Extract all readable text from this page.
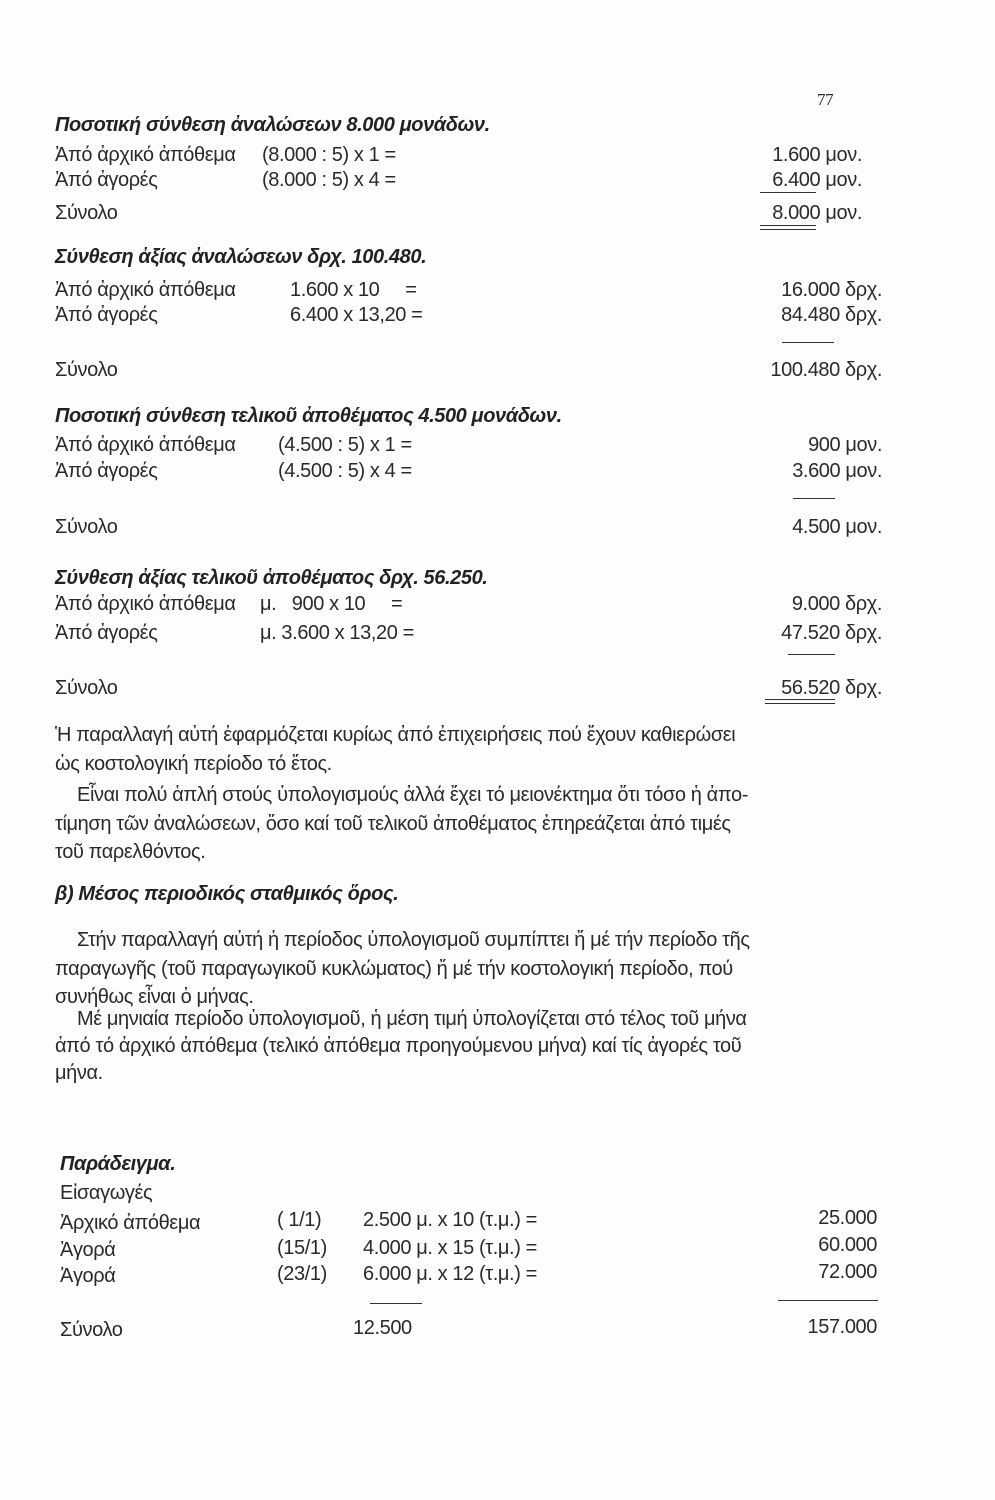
77
Ποσοτική σύνθεση ἀναλώσεων 8.000 μονάδων.
Ἀπό ἀρχικό ἀπόθεμα (8.000 : 5) x 1 =	1.600 μον.
Ἀπό ἀγορές	(8.000 : 5) x 4 =	6.400 μον.
Σύνολο	8.000 μον.
Σύνθεση ἀξίας ἀναλώσεων δρχ. 100.480.
Ἀπό ἀρχικό ἀπόθεμα	1.600 x 10     =	16.000 δρχ.
Ἀπό ἀγορές	6.400 x 13,20 =	84.480 δρχ.
Σύνολο	100.480 δρχ.
Ποσοτική σύνθεση τελικοῦ ἀποθέματος 4.500 μονάδων.
Ἀπό ἀρχικό ἀπόθεμα (4.500 : 5) x 1 =	900 μον.
Ἀπό ἀγορές	(4.500 : 5) x 4 =	3.600 μον.
Σύνολο	4.500 μον.
Σύνθεση ἀξίας τελικοῦ ἀποθέματος δρχ. 56.250.
Ἀπό ἀρχικό ἀπόθεμα μ.   900 x 10     =	9.000 δρχ.
Ἀπό ἀγορές	μ. 3.600 x 13,20 =	47.520 δρχ.
Σύνολο	56.520 δρχ.
Ἡ παραλλαγή αὐτή ἐφαρμόζεται κυρίως ἀπό ἐπιχειρήσεις πού ἔχουν καθιερώσει
ὡς κοστολογική περίοδο τό ἔτος.
Εἶναι πολύ ἁπλή στούς ὑπολογισμούς ἀλλά ἔχει τό μειονέκτημα ὅτι τόσο ἡ ἀπο-
τίμηση τῶν ἀναλώσεων, ὅσο καί τοῦ τελικοῦ ἀποθέματος ἐπηρεάζεται ἀπό τιμές
τοῦ παρελθόντος.
β) Μέσος περιοδικός σταθμικός ὅρος.
Στήν παραλλαγή αὐτή ἡ περίοδος ὑπολογισμοῦ συμπίπτει ἤ μέ τήν περίοδο τῆς
παραγωγῆς (τοῦ παραγωγικοῦ κυκλώματος) ἤ μέ τήν κοστολογική περίοδο, πού
συνήθως εἶναι ὁ μήνας.
Μέ μηνιαία περίοδο ὑπολογισμοῦ, ἡ μέση τιμή ὑπολογίζεται στό τέλος τοῦ μήνα
ἀπό τό ἀρχικό ἀπόθεμα (τελικό ἀπόθεμα προηγούμενου μήνα) καί τίς ἀγορές τοῦ
μήνα.
Παράδειγμα.
Εἰσαγωγές
Ἀρχικό ἀπόθεμα	( 1/1) 2.500 μ. x 10 (τ.μ.) =	25.000
Ἀγορά	(15/1) 4.000 μ. x 15 (τ.μ.) =	60.000
Ἀγορά	(23/1) 6.000 μ. x 12 (τ.μ.) =	72.000
Σύνολο	12.500	157.000
